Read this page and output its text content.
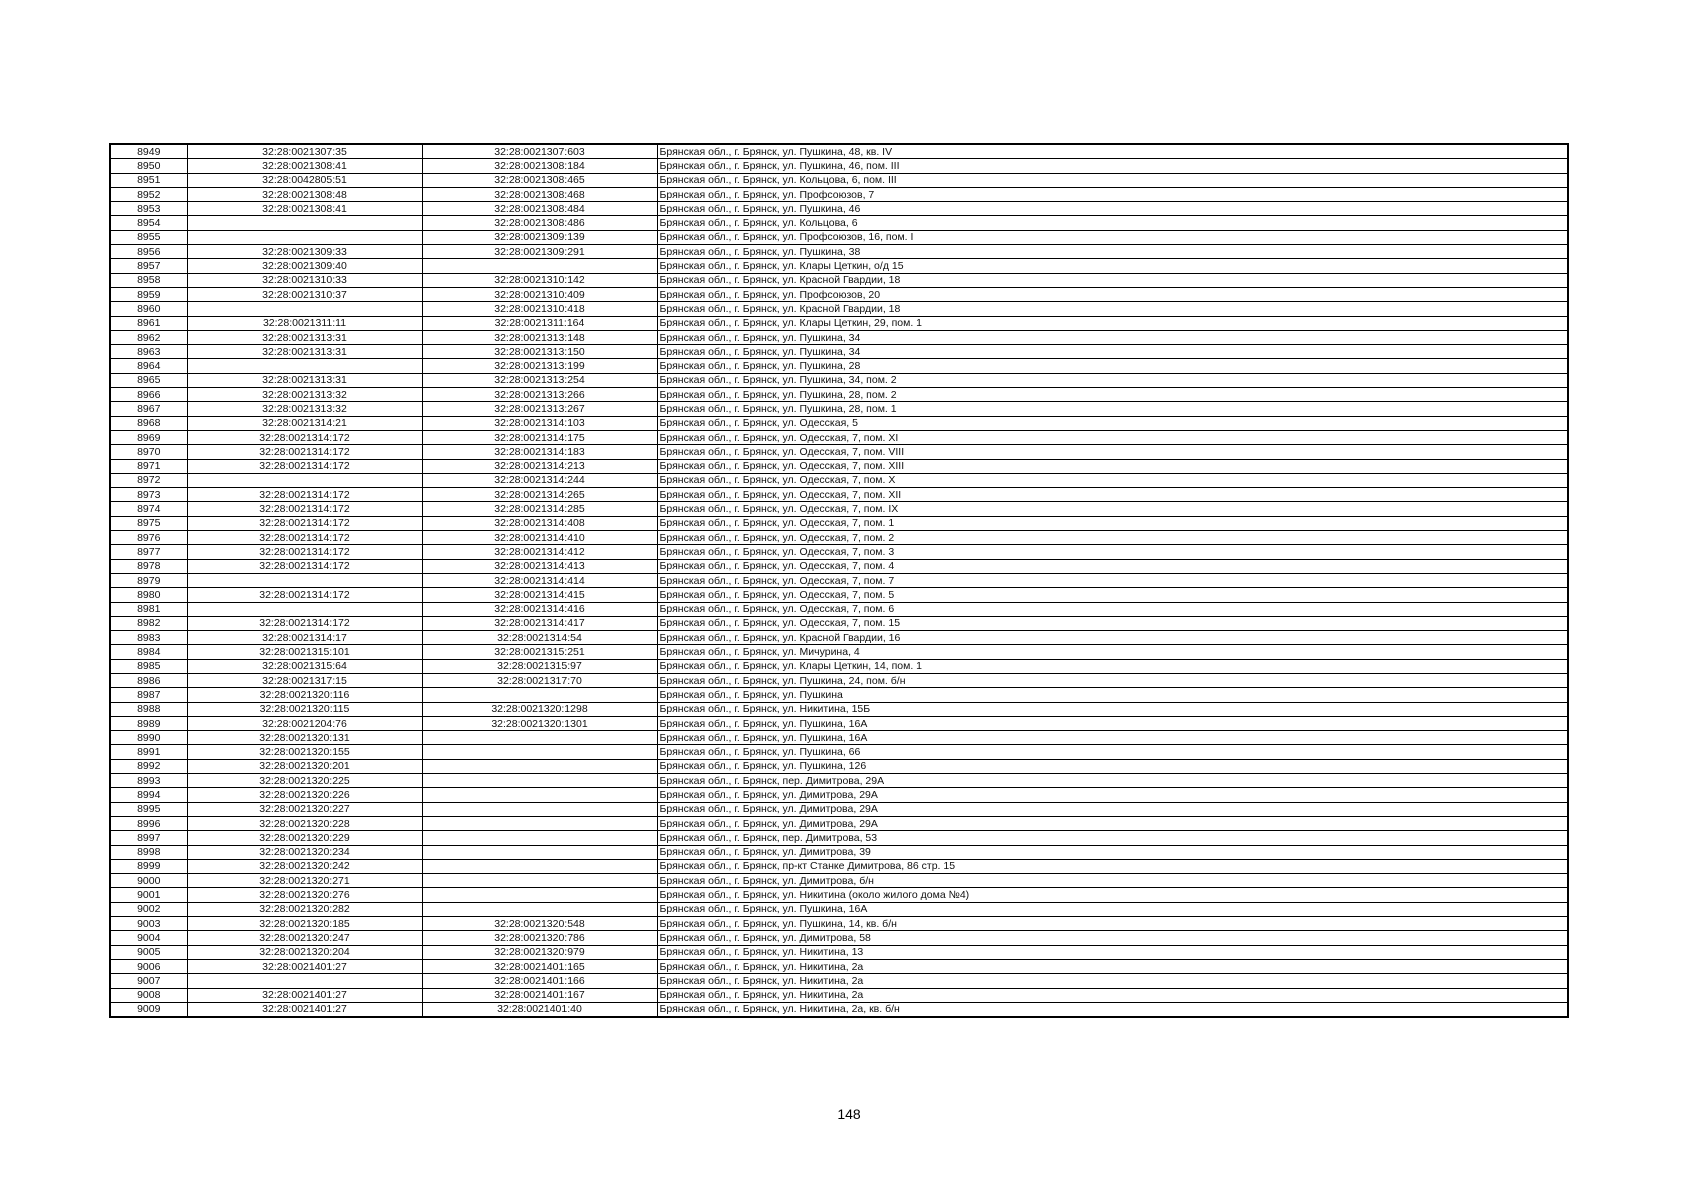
8949	32:28:0021307:35	32:28:0021307:603	Брянская обл., г. Брянск, ул. Пушкина, 48, кв. IV
8950	32:28:0021308:41	32:28:0021308:184	Брянская обл., г. Брянск, ул. Пушкина, 46, пом. III
8951	32:28:0042805:51	32:28:0021308:465	Брянская обл., г. Брянск, ул. Кольцова, 6, пом. III
8952	32:28:0021308:48	32:28:0021308:468	Брянская обл., г. Брянск, ул. Профсоюзов, 7
8953	32:28:0021308:41	32:28:0021308:484	Брянская обл., г. Брянск, ул. Пушкина, 46
8954		32:28:0021308:486	Брянская обл., г. Брянск, ул. Кольцова, 6
8955		32:28:0021309:139	Брянская обл., г. Брянск, ул. Профсоюзов, 16, пом. I
8956	32:28:0021309:33	32:28:0021309:291	Брянская обл., г. Брянск, ул. Пушкина, 38
8957	32:28:0021309:40		Брянская обл., г. Брянск, ул. Клары Цеткин, о/д 15
8958	32:28:0021310:33	32:28:0021310:142	Брянская обл., г. Брянск, ул. Красной Гвардии, 18
8959	32:28:0021310:37	32:28:0021310:409	Брянская обл., г. Брянск, ул. Профсоюзов, 20
8960		32:28:0021310:418	Брянская обл., г. Брянск, ул. Красной Гвардии, 18
8961	32:28:0021311:11	32:28:0021311:164	Брянская обл., г. Брянск, ул. Клары Цеткин, 29, пом. 1
8962	32:28:0021313:31	32:28:0021313:148	Брянская обл., г. Брянск, ул. Пушкина, 34
8963	32:28:0021313:31	32:28:0021313:150	Брянская обл., г. Брянск, ул. Пушкина, 34
8964		32:28:0021313:199	Брянская обл., г. Брянск, ул. Пушкина, 28
8965	32:28:0021313:31	32:28:0021313:254	Брянская обл., г. Брянск, ул. Пушкина, 34, пом. 2
8966	32:28:0021313:32	32:28:0021313:266	Брянская обл., г. Брянск, ул. Пушкина, 28, пом. 2
8967	32:28:0021313:32	32:28:0021313:267	Брянская обл., г. Брянск, ул. Пушкина, 28, пом. 1
8968	32:28:0021314:21	32:28:0021314:103	Брянская обл., г. Брянск, ул. Одесская, 5
8969	32:28:0021314:172	32:28:0021314:175	Брянская обл., г. Брянск, ул. Одесская, 7, пом. XI
8970	32:28:0021314:172	32:28:0021314:183	Брянская обл., г. Брянск, ул. Одесская, 7, пом. VIII
8971	32:28:0021314:172	32:28:0021314:213	Брянская обл., г. Брянск, ул. Одесская, 7, пом. XIII
8972		32:28:0021314:244	Брянская обл., г. Брянск, ул. Одесская, 7, пом. X
8973	32:28:0021314:172	32:28:0021314:265	Брянская обл., г. Брянск, ул. Одесская, 7, пом. XII
8974	32:28:0021314:172	32:28:0021314:285	Брянская обл., г. Брянск, ул. Одесская, 7, пом. IX
8975	32:28:0021314:172	32:28:0021314:408	Брянская обл., г. Брянск, ул. Одесская, 7, пом. 1
8976	32:28:0021314:172	32:28:0021314:410	Брянская обл., г. Брянск, ул. Одесская, 7, пом. 2
8977	32:28:0021314:172	32:28:0021314:412	Брянская обл., г. Брянск, ул. Одесская, 7, пом. 3
8978	32:28:0021314:172	32:28:0021314:413	Брянская обл., г. Брянск, ул. Одесская, 7, пом. 4
8979		32:28:0021314:414	Брянская обл., г. Брянск, ул. Одесская, 7, пом. 7
8980	32:28:0021314:172	32:28:0021314:415	Брянская обл., г. Брянск, ул. Одесская, 7, пом. 5
8981		32:28:0021314:416	Брянская обл., г. Брянск, ул. Одесская, 7, пом. 6
8982	32:28:0021314:172	32:28:0021314:417	Брянская обл., г. Брянск, ул. Одесская, 7, пом. 15
8983	32:28:0021314:17	32:28:0021314:54	Брянская обл., г. Брянск, ул. Красной Гвардии, 16
8984	32:28:0021315:101	32:28:0021315:251	Брянская обл., г. Брянск, ул. Мичурина, 4
8985	32:28:0021315:64	32:28:0021315:97	Брянская обл., г. Брянск, ул. Клары Цеткин, 14, пом. 1
8986	32:28:0021317:15	32:28:0021317:70	Брянская обл., г. Брянск, ул. Пушкина, 24, пом. б/н
8987	32:28:0021320:116		Брянская обл., г. Брянск, ул. Пушкина
8988	32:28:0021320:115	32:28:0021320:1298	Брянская обл., г. Брянск, ул. Никитина, 15Б
8989	32:28:0021204:76	32:28:0021320:1301	Брянская обл., г. Брянск, ул. Пушкина, 16А
8990	32:28:0021320:131		Брянская обл., г. Брянск, ул. Пушкина, 16А
8991	32:28:0021320:155		Брянская обл., г. Брянск, ул. Пушкина, 66
8992	32:28:0021320:201		Брянская обл., г. Брянск, ул. Пушкина, 126
8993	32:28:0021320:225		Брянская обл., г. Брянск, пер. Димитрова, 29А
8994	32:28:0021320:226		Брянская обл., г. Брянск, ул. Димитрова, 29А
8995	32:28:0021320:227		Брянская обл., г. Брянск, ул. Димитрова, 29А
8996	32:28:0021320:228		Брянская обл., г. Брянск, ул. Димитрова, 29А
8997	32:28:0021320:229		Брянская обл., г. Брянск, пер. Димитрова, 53
8998	32:28:0021320:234		Брянская обл., г. Брянск, ул. Димитрова, 39
8999	32:28:0021320:242		Брянская обл., г. Брянск, пр-кт Станке Димитрова, 86 стр. 15
9000	32:28:0021320:271		Брянская обл., г. Брянск, ул. Димитрова, б/н
9001	32:28:0021320:276		Брянская обл., г. Брянск, ул. Никитина (около жилого дома №4)
9002	32:28:0021320:282		Брянская обл., г. Брянск, ул. Пушкина, 16А
9003	32:28:0021320:185	32:28:0021320:548	Брянская обл., г. Брянск, ул. Пушкина, 14, кв. б/н
9004	32:28:0021320:247	32:28:0021320:786	Брянская обл., г. Брянск, ул. Димитрова, 58
9005	32:28:0021320:204	32:28:0021320:979	Брянская обл., г. Брянск, ул. Никитина, 13
9006	32:28:0021401:27	32:28:0021401:165	Брянская обл., г. Брянск, ул. Никитина, 2а
9007		32:28:0021401:166	Брянская обл., г. Брянск, ул. Никитина, 2а
9008	32:28:0021401:27	32:28:0021401:167	Брянская обл., г. Брянск, ул. Никитина, 2а
9009	32:28:0021401:27	32:28:0021401:40	Брянская обл., г. Брянск, ул. Никитина, 2а, кв. б/н
148
